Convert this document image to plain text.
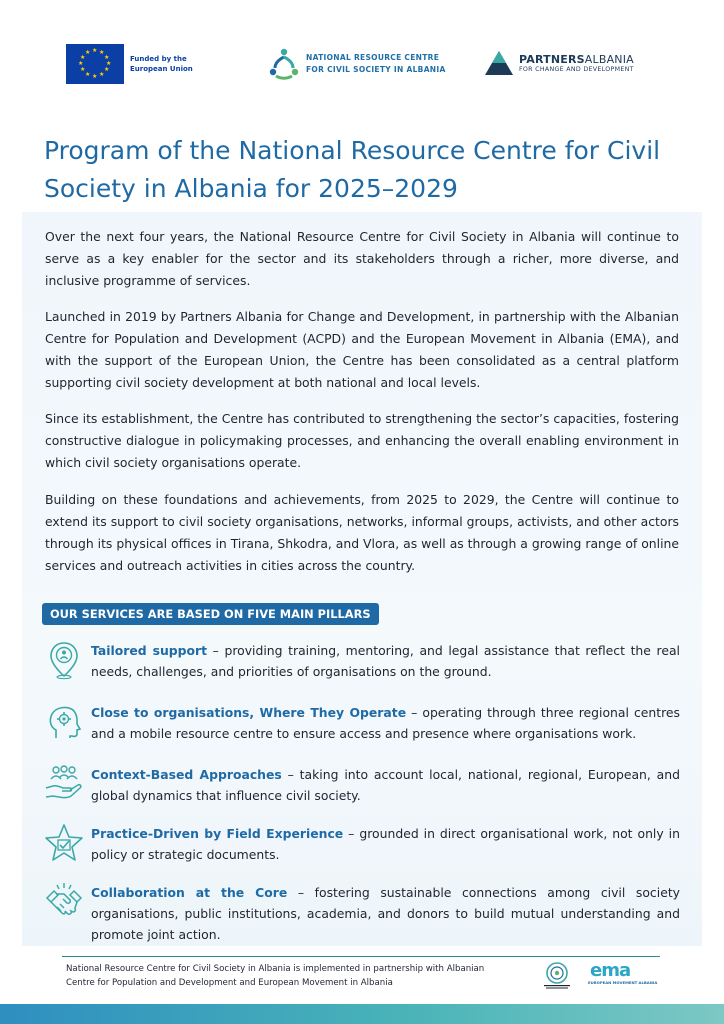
★ ★
★
★
★
★
★
★
★
★
★
★
Funded by the European Union
NATIONAL RESOURCE CENTRE
FOR CIVIL SOCIETY IN ALBANIA
PARTNERSALBANIA
FOR CHANGE AND DEVELOPMENT
Program of the National Resource Centre for Civil Society in Albania for 2025–2029

Over the next four years, the National Resource Centre for Civil Society in Albania will continue to serve as a key enabler for the sector and its stakeholders through a richer, more diverse, and inclusive programme of services.

Launched in 2019 by Partners Albania for Change and Development, in partnership with the Albanian Centre for Population and Development (ACPD) and the European Movement in Albania (EMA), and with the support of the European Union, the Centre has been consolidated as a central platform supporting civil society development at both national and local levels.

Since its establishment, the Centre has contributed to strengthening the sector’s capacities, fostering constructive dialogue in policymaking processes, and enhancing the overall enabling environment in which civil society organisations operate.

Building on these foundations and achievements, from 2025 to 2029, the Centre will continue to extend its support to civil society organisations, networks, informal groups, activists, and other actors through its physical offices in Tirana, Shkodra, and Vlora, as well as through a growing range of online services and outreach activities in cities across the country.

OUR SERVICES ARE BASED ON FIVE MAIN PILLARS
Tailored support – providing training, mentoring, and legal assistance that reflect the real needs, challenges, and priorities of organisations on the ground.
Close to organisations, Where They Operate – operating through three regional centres and a mobile resource centre to ensure access and presence where organisations work.
Context-Based Approaches – taking into account local, national, regional, European, and global dynamics that influence civil society.
Practice-Driven by Field Experience – grounded in direct organisational work, not only in policy or strategic documents.
Collaboration at the Core – fostering sustainable connections among civil society organisations, public institutions, academia, and donors to build mutual understanding and promote joint action.
National Resource Centre for Civil Society in Albania is implemented in partnership with Albanian Centre for Population and Development and European Movement in Albania
ema
EUROPEAN MOVEMENT ALBANIA
